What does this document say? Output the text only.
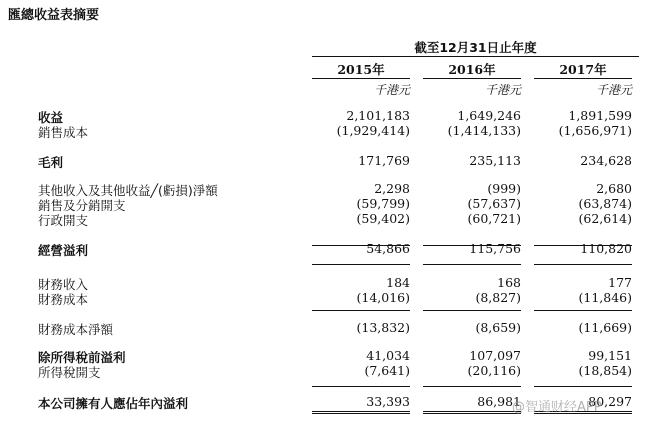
匯總收益表摘要
截至12月31日止年度
2015年	2016年	2017年
千港元	千港元	千港元
收益	2,101,183	1,649,246	1,891,599
銷售成本	(1,929,414)	(1,414,133)	(1,656,971)
毛利	171,769	235,113	234,628
其他收入及其他收益╱(虧損)淨額	2,298	(999)	2,680
銷售及分銷開支	(59,799)	(57,637)	(63,874)
行政開支	(59,402)	(60,721)	(62,614)
經營溢利	54,866	115,756	110,820
財務收入	184	168	177
財務成本	(14,016)	(8,827)	(11,846)
財務成本淨額	(13,832)	(8,659)	(11,669)
除所得稅前溢利	41,034	107,097	99,151
所得稅開支	(7,641)	(20,116)	(18,854)
本公司擁有人應佔年內溢利	33,393	86,981	80,297
@智通财经APP
